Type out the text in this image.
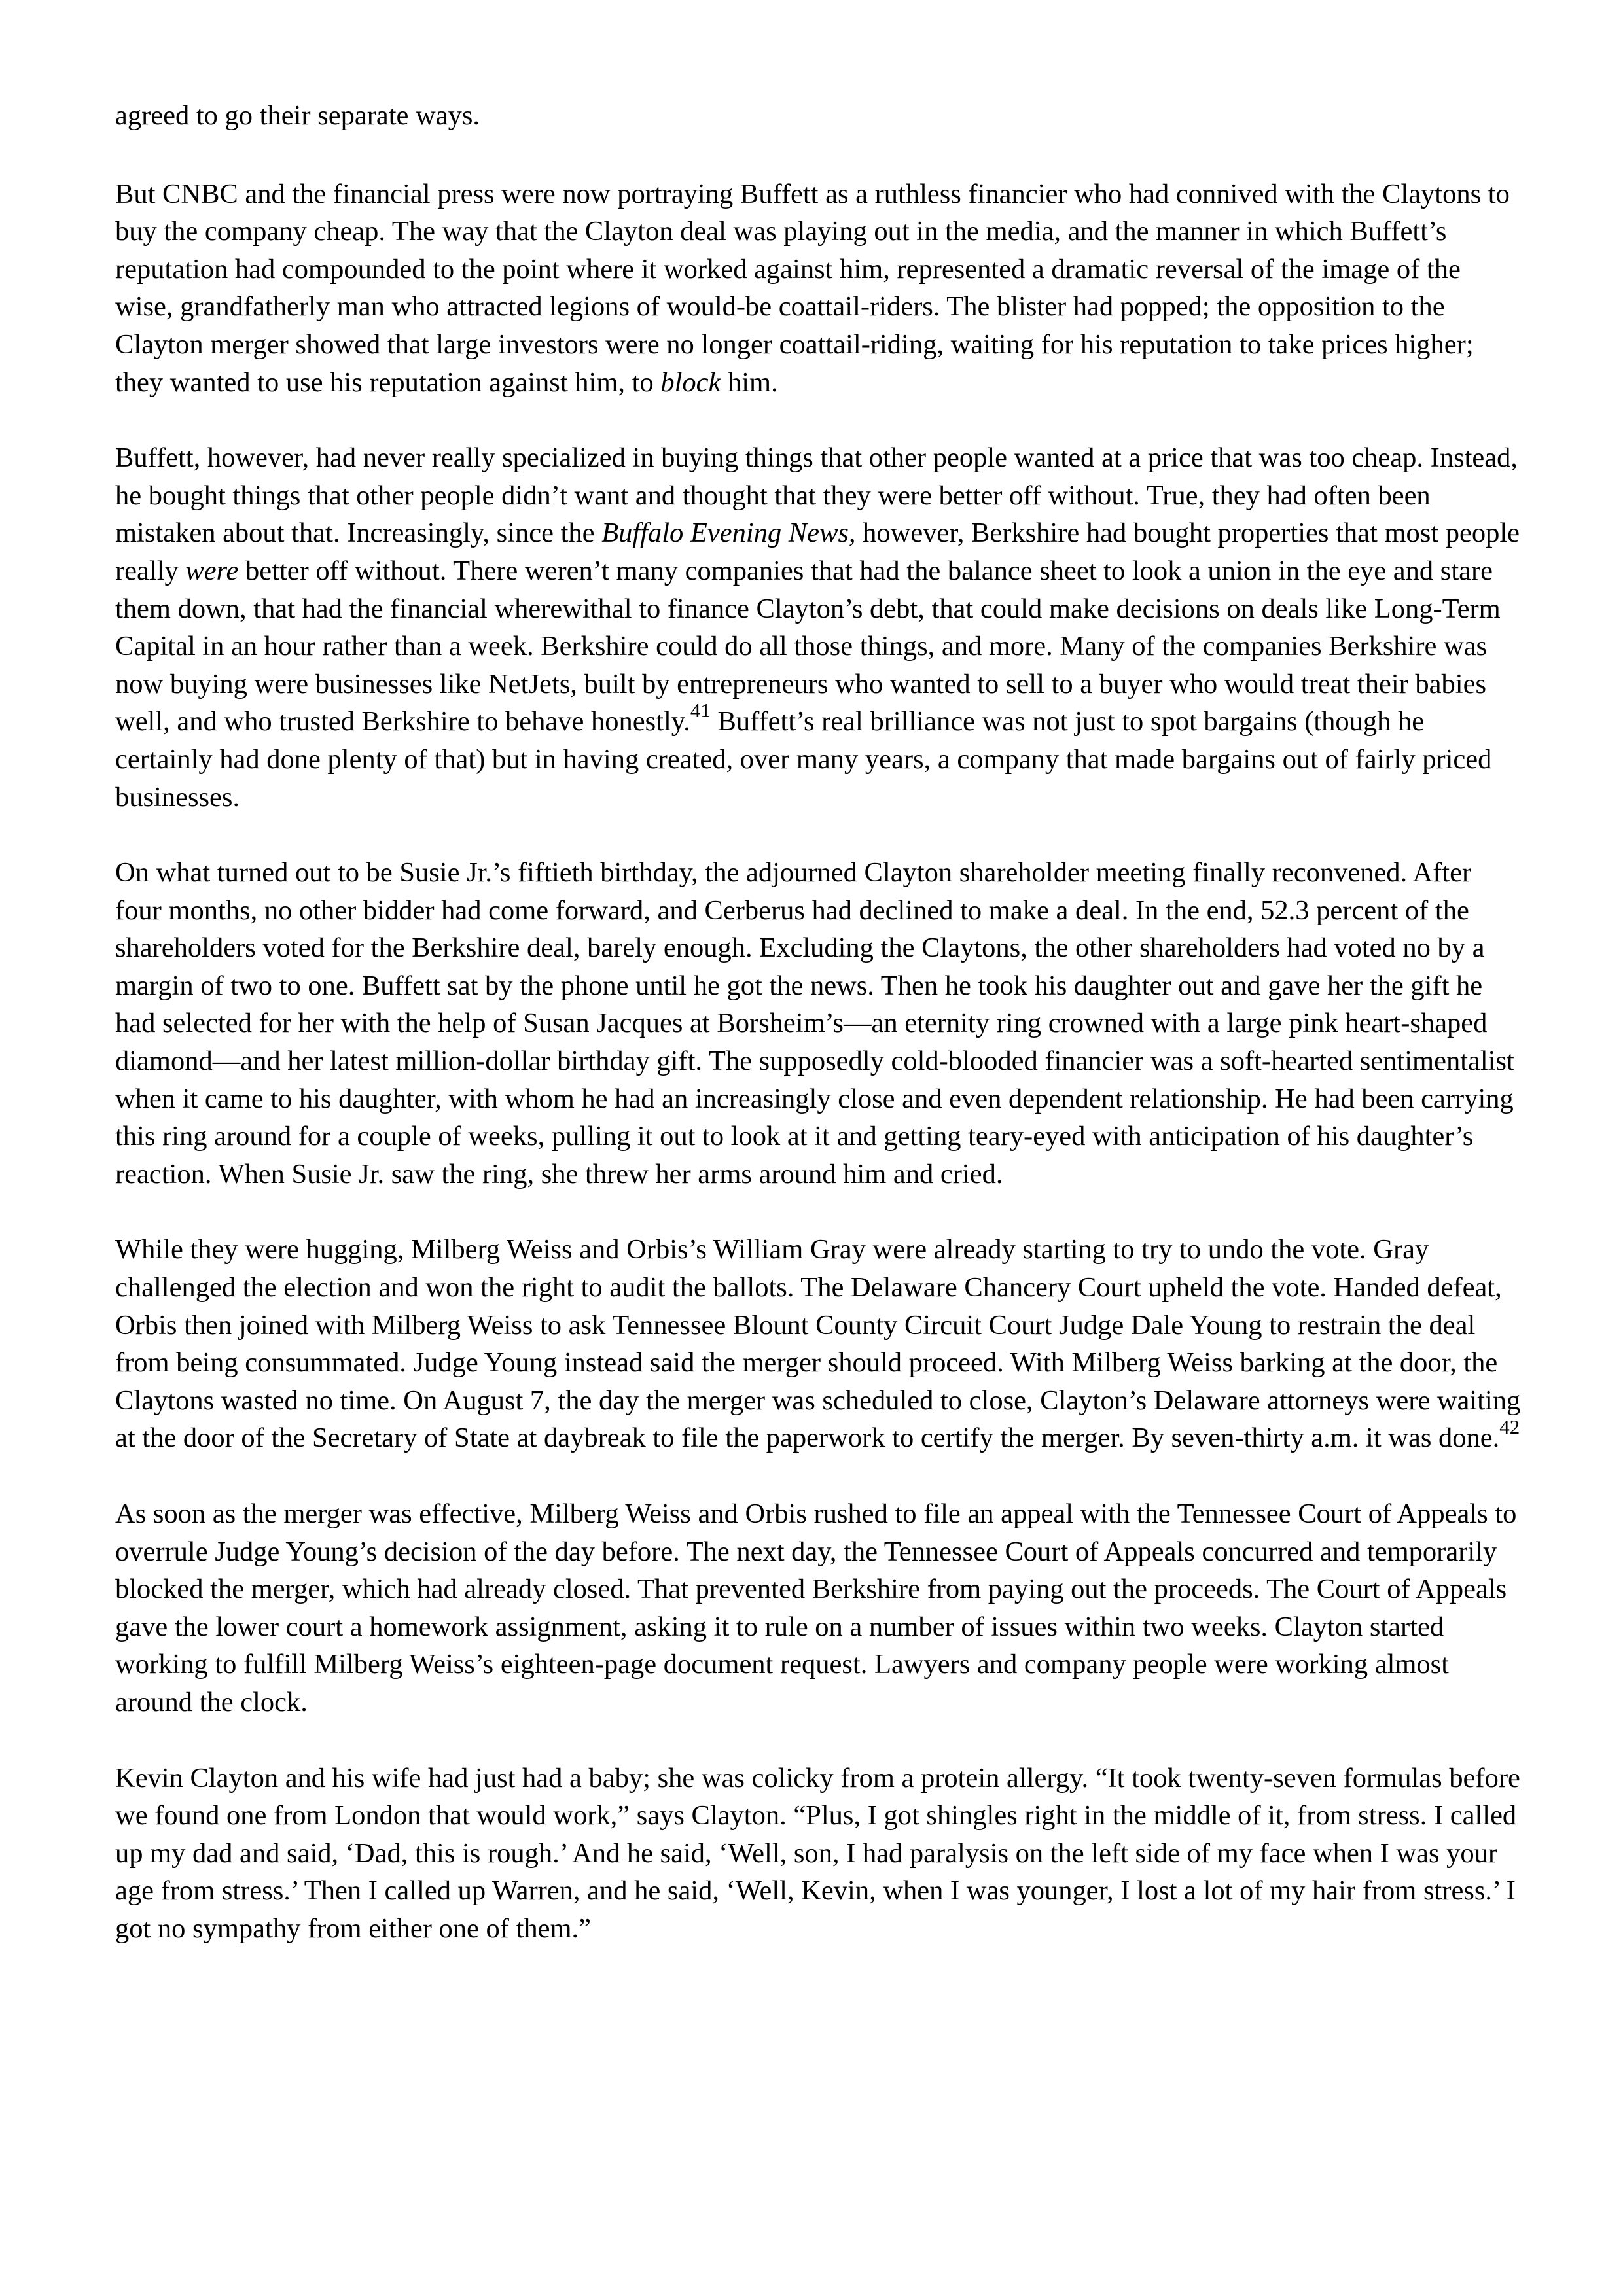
agreed to go their separate ways.

But CNBC and the financial press were now portraying Buffett as a ruthless financier who had connived with the Claytons to buy the company cheap. The way that the Clayton deal was playing out in the media, and the manner in which Buffett’s reputation had compounded to the point where it worked against him, represented a dramatic reversal of the image of the wise, grandfatherly man who attracted legions of would-be coattail-riders. The blister had popped; the opposition to the Clayton merger showed that large investors were no longer coattail-riding, waiting for his reputation to take prices higher; they wanted to use his reputation against him, to block him.

Buffett, however, had never really specialized in buying things that other people wanted at a price that was too cheap. Instead, he bought things that other people didn’t want and thought that they were better off without. True, they had often been mistaken about that. Increasingly, since the Buffalo Evening News, however, Berkshire had bought properties that most people really were better off without. There weren’t many companies that had the balance sheet to look a union in the eye and stare them down, that had the financial wherewithal to finance Clayton’s debt, that could make decisions on deals like Long-Term Capital in an hour rather than a week. Berkshire could do all those things, and more. Many of the companies Berkshire was now buying were businesses like NetJets, built by entrepreneurs who wanted to sell to a buyer who would treat their babies well, and who trusted Berkshire to behave honestly.$^{41}$ Buffett’s real brilliance was not just to spot bargains (though he certainly had done plenty of that) but in having created, over many years, a company that made bargains out of fairly priced businesses.

On what turned out to be Susie Jr.’s fiftieth birthday, the adjourned Clayton shareholder meeting finally reconvened. After four months, no other bidder had come forward, and Cerberus had declined to make a deal. In the end, 52.3 percent of the shareholders voted for the Berkshire deal, barely enough. Excluding the Claytons, the other shareholders had voted no by a margin of two to one. Buffett sat by the phone until he got the news. Then he took his daughter out and gave her the gift he had selected for her with the help of Susan Jacques at Borsheim’s—an eternity ring crowned with a large pink heart-shaped diamond—and her latest million-dollar birthday gift. The supposedly cold-blooded financier was a soft-hearted sentimentalist when it came to his daughter, with whom he had an increasingly close and even dependent relationship. He had been carrying this ring around for a couple of weeks, pulling it out to look at it and getting teary-eyed with anticipation of his daughter’s reaction. When Susie Jr. saw the ring, she threw her arms around him and cried.

While they were hugging, Milberg Weiss and Orbis’s William Gray were already starting to try to undo the vote. Gray challenged the election and won the right to audit the ballots. The Delaware Chancery Court upheld the vote. Handed defeat, Orbis then joined with Milberg Weiss to ask Tennessee Blount County Circuit Court Judge Dale Young to restrain the deal from being consummated. Judge Young instead said the merger should proceed. With Milberg Weiss barking at the door, the Claytons wasted no time. On August 7, the day the merger was scheduled to close, Clayton’s Delaware attorneys were waiting at the door of the Secretary of State at daybreak to file the paperwork to certify the merger. By seven-thirty a.m. it was done.$^{42}$

As soon as the merger was effective, Milberg Weiss and Orbis rushed to file an appeal with the Tennessee Court of Appeals to overrule Judge Young’s decision of the day before. The next day, the Tennessee Court of Appeals concurred and temporarily blocked the merger, which had already closed. That prevented Berkshire from paying out the proceeds. The Court of Appeals gave the lower court a homework assignment, asking it to rule on a number of issues within two weeks. Clayton started working to fulfill Milberg Weiss’s eighteen-page document request. Lawyers and company people were working almost around the clock.

Kevin Clayton and his wife had just had a baby; she was colicky from a protein allergy. “It took twenty-seven formulas before we found one from London that would work,” says Clayton. “Plus, I got shingles right in the middle of it, from stress. I called up my dad and said, ‘Dad, this is rough.’ And he said, ‘Well, son, I had paralysis on the left side of my face when I was your age from stress.’ Then I called up Warren, and he said, ‘Well, Kevin, when I was younger, I lost a lot of my hair from stress.’ I got no sympathy from either one of them.”
